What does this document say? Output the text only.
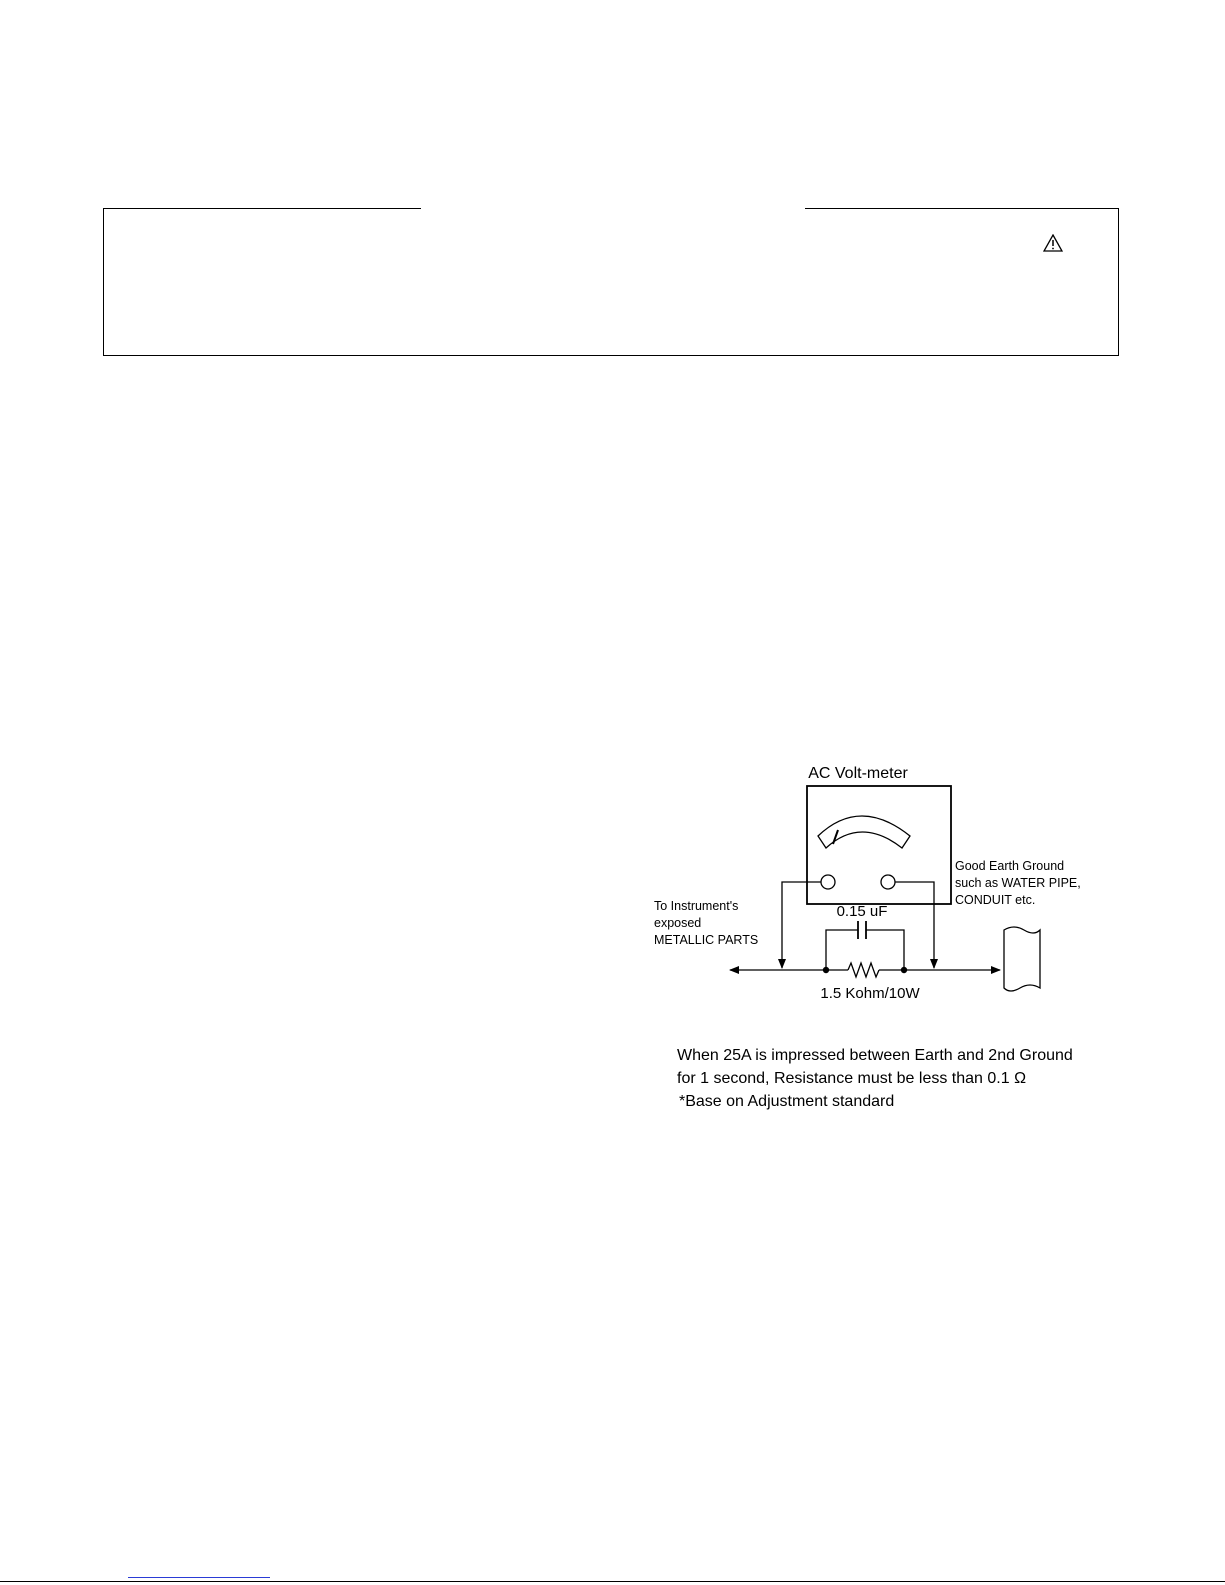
AC Volt-meter
0.15 uF
1.5 Kohm/10W
To Instrument's exposed METALLIC PARTS
Good Earth Ground such as WATER PIPE, CONDUIT etc.
When 25A is impressed between Earth and 2nd Ground
for 1 second, Resistance must be less than 0.1 Ω
*Base on Adjustment standard
